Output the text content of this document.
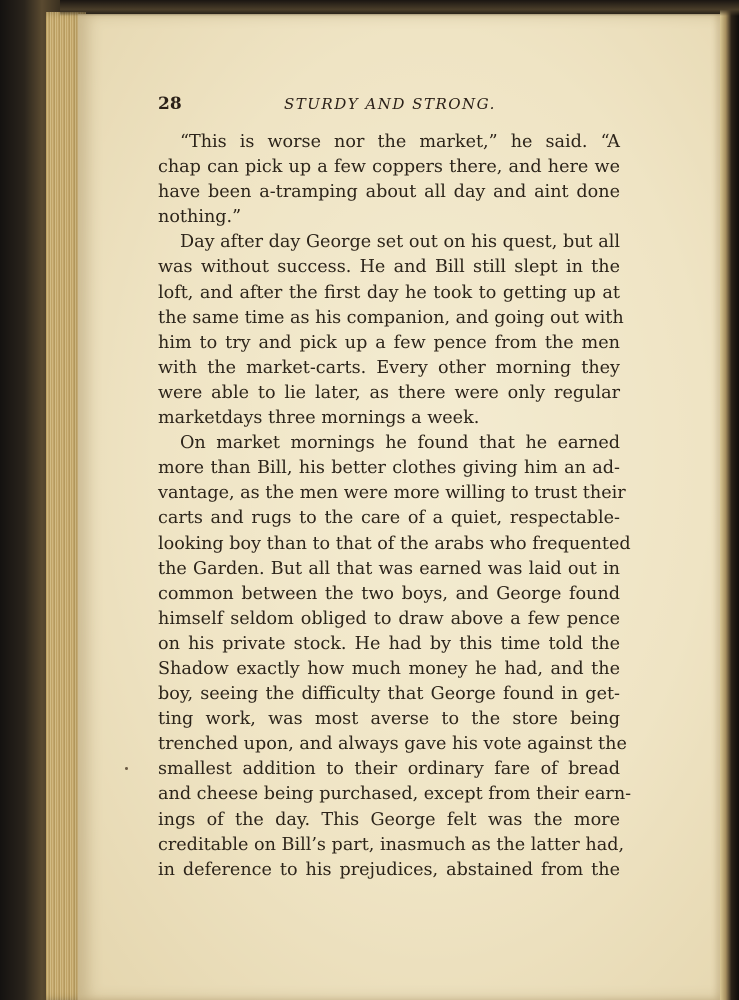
28	STURDY AND STRONG.
“This is worse nor the market,” he said. “A
chap can pick up a few coppers there, and here we
have been a-tramping about all day and aint done
nothing.”
Day after day George set out on his quest, but all
was without success. He and Bill still slept in the
loft, and after the first day he took to getting up at
the same time as his companion, and going out with
him to try and pick up a few pence from the men
with the market-carts. Every other morning they
were able to lie later, as there were only regular
marketdays three mornings a week.
On market mornings he found that he earned
more than Bill, his better clothes giving him an ad-
vantage, as the men were more willing to trust their
carts and rugs to the care of a quiet, respectable-
looking boy than to that of the arabs who frequented
the Garden. But all that was earned was laid out in
common between the two boys, and George found
himself seldom obliged to draw above a few pence
on his private stock. He had by this time told the
Shadow exactly how much money he had, and the
boy, seeing the difficulty that George found in get-
ting work, was most averse to the store being
trenched upon, and always gave his vote against the
smallest addition to their ordinary fare of bread
and cheese being purchased, except from their earn-
ings of the day. This George felt was the more
creditable on Bill’s part, inasmuch as the latter had,
in deference to his prejudices, abstained from the
